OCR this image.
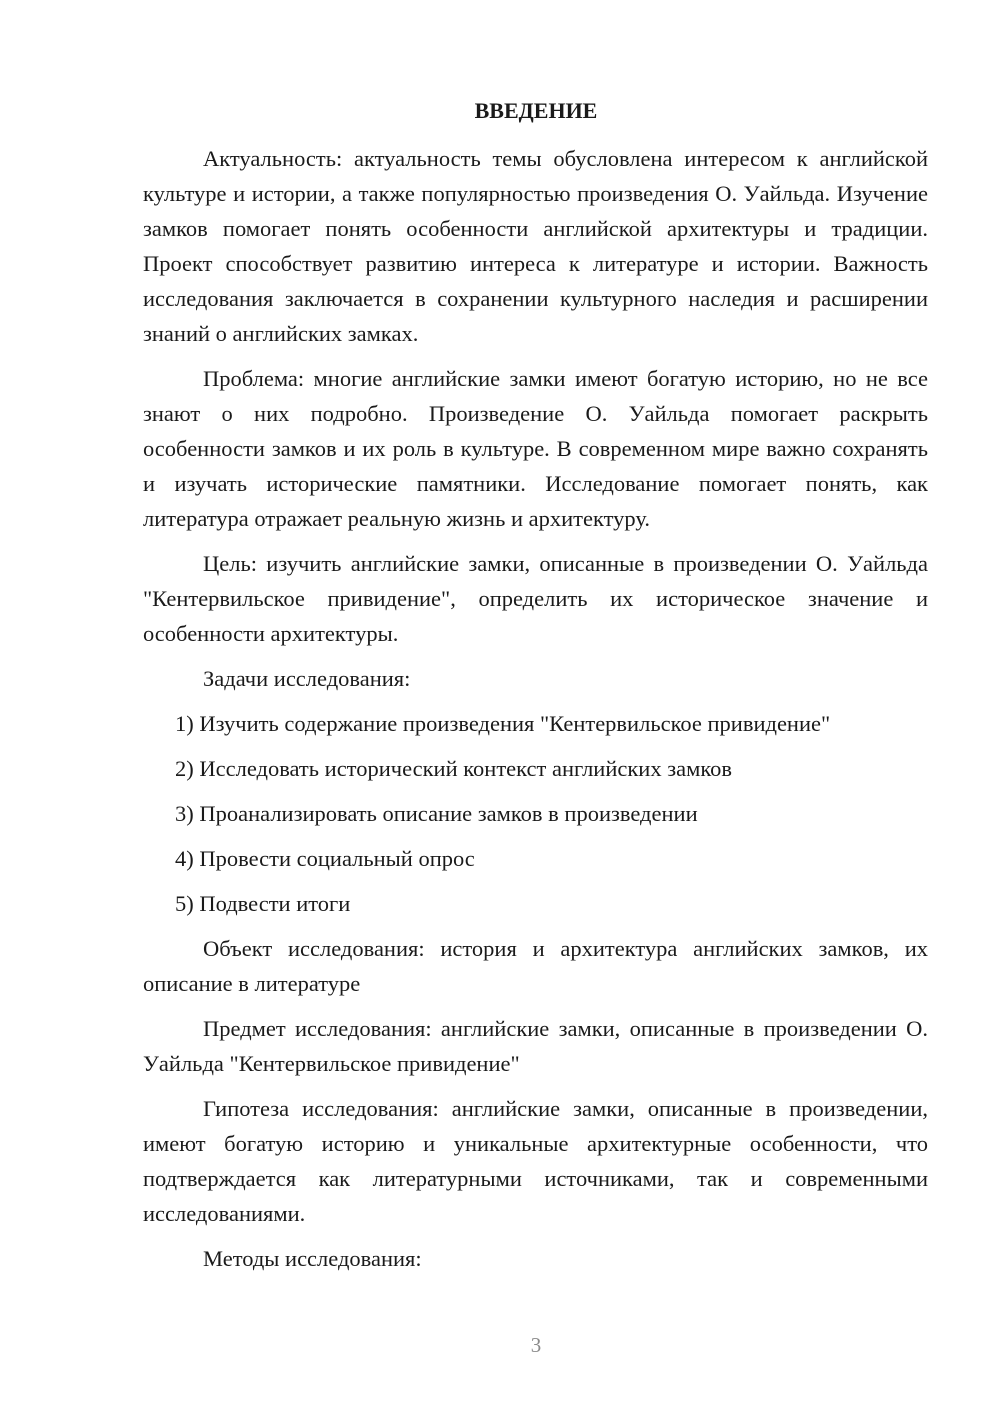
ВВЕДЕНИЕ

Актуальность: актуальность темы обусловлена интересом к английской культуре и истории, а также популярностью произведения О. Уайльда. Изучение замков помогает понять особенности английской архитектуры и традиции. Проект способствует развитию интереса к литературе и истории. Важность исследования заключается в сохранении культурного наследия и расширении знаний о английских замках.

Проблема: многие английские замки имеют богатую историю, но не все знают о них подробно. Произведение О. Уайльда помогает раскрыть особенности замков и их роль в культуре. В современном мире важно сохранять и изучать исторические памятники. Исследование помогает понять, как литература отражает реальную жизнь и архитектуру.

Цель: изучить английские замки, описанные в произведении О. Уайльда "Кентервильское привидение", определить их историческое значение и особенности архитектуры.

Задачи исследования:

1) Изучить содержание произведения "Кентервильское привидение"
2) Исследовать исторический контекст английских замков
3) Проанализировать описание замков в произведении
4) Провести социальный опрос
5) Подвести итоги

Объект исследования: история и архитектура английских замков, их описание в литературе

Предмет исследования: английские замки, описанные в произведении О. Уайльда "Кентервильское привидение"

Гипотеза исследования: английские замки, описанные в произведении, имеют богатую историю и уникальные архитектурные особенности, что подтверждается как литературными источниками, так и современными исследованиями.

Методы исследования:

3
